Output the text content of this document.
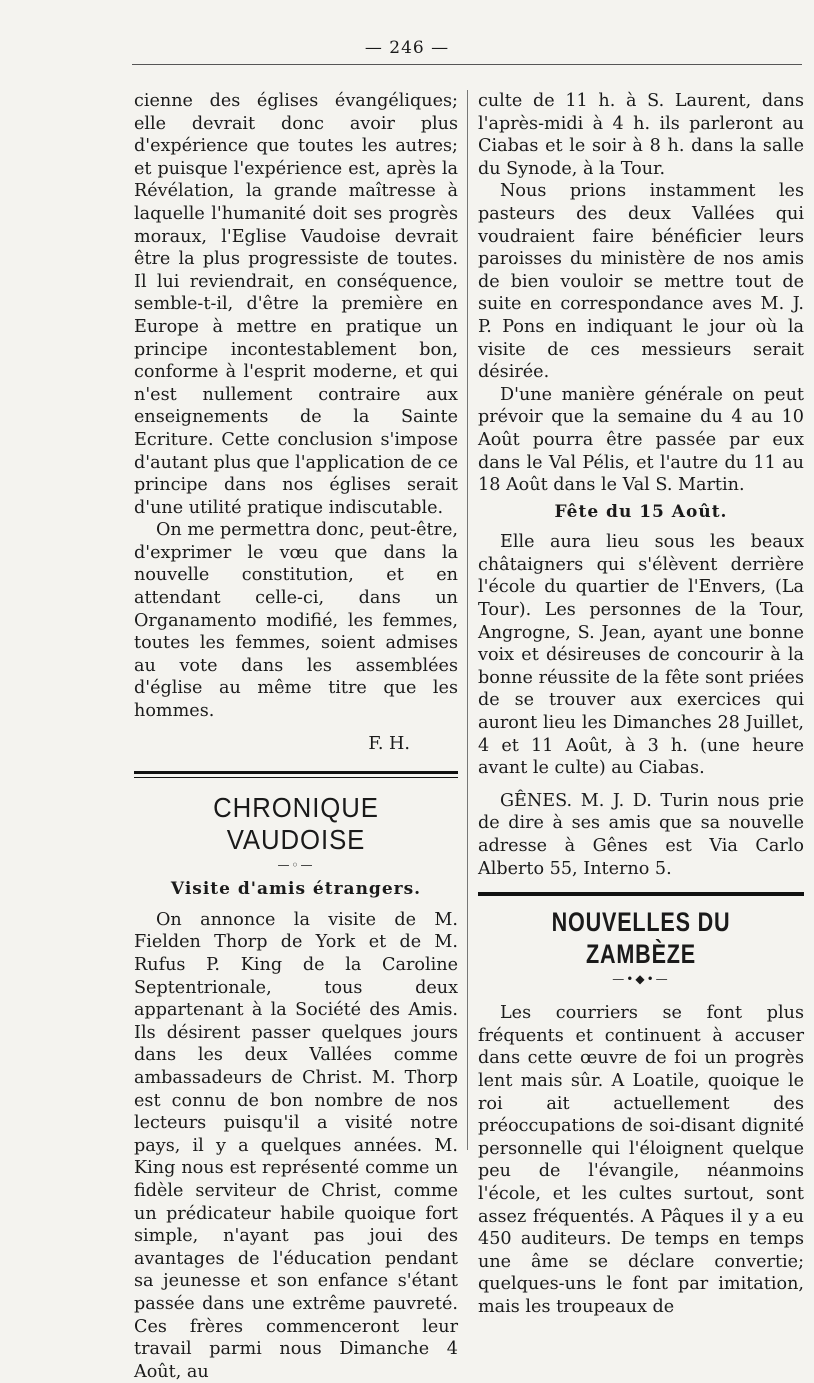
— 246 —

cienne des églises évangéliques; elle devrait donc avoir plus d'expérience que toutes les autres; et puisque l'expérience est, après la Révélation, la grande maîtresse à laquelle l'humanité doit ses progrès moraux, l'Eglise Vaudoise devrait être la plus progressiste de toutes. Il lui reviendrait, en conséquence, semble-t-il, d'être la première en Europe à mettre en pratique un principe incontestablement bon, conforme à l'esprit moderne, et qui n'est nullement contraire aux enseignements de la Sainte Ecriture. Cette conclusion s'impose d'autant plus que l'application de ce principe dans nos églises serait d'une utilité pratique indiscutable.

On me permettra donc, peut-être, d'exprimer le vœu que dans la nouvelle constitution, et en attendant celle-ci, dans un Organamento modifié, les femmes, toutes les femmes, soient admises au vote dans les assemblées d'église au même titre que les hommes.

F. H.

CHRONIQUE VAUDOISE
—◦—

Visite d'amis étrangers.

On annonce la visite de M. Fielden Thorp de York et de M. Rufus P. King de la Caroline Septentrionale, tous deux appartenant à la Société des Amis. Ils désirent passer quelques jours dans les deux Vallées comme ambassadeurs de Christ. M. Thorp est connu de bon nombre de nos lecteurs puisqu'il a visité notre pays, il y a quelques années. M. King nous est représenté comme un fidèle serviteur de Christ, comme un prédicateur habile quoique fort simple, n'ayant pas joui des avantages de l'éducation pendant sa jeunesse et son enfance s'étant passée dans une extrême pauvreté. Ces frères commenceront leur travail parmi nous Dimanche 4 Août, au

culte de 11 h. à S. Laurent, dans l'après-midi à 4 h. ils parleront au Ciabas et le soir à 8 h. dans la salle du Synode, à la Tour.

Nous prions instamment les pasteurs des deux Vallées qui voudraient faire bénéficier leurs paroisses du ministère de nos amis de bien vouloir se mettre tout de suite en correspondance aves M. J. P. Pons en indiquant le jour où la visite de ces messieurs serait désirée.

D'une manière générale on peut prévoir que la semaine du 4 au 10 Août pourra être passée par eux dans le Val Pélis, et l'autre du 11 au 18 Août dans le Val S. Martin.

Fête du 15 Août.

Elle aura lieu sous les beaux châtaigners qui s'élèvent derrière l'école du quartier de l'Envers, (La Tour). Les personnes de la Tour, Angrogne, S. Jean, ayant une bonne voix et désireuses de concourir à la bonne réussite de la fête sont priées de se trouver aux exercices qui auront lieu les Dimanches 28 Juillet, 4 et 11 Août, à 3 h. (une heure avant le culte) au Ciabas.

GÊNES. M. J. D. Turin nous prie de dire à ses amis que sa nouvelle adresse à Gênes est Via Carlo Alberto 55, Interno 5.

NOUVELLES DU ZAMBÈZE
—•◆•—

Les courriers se font plus fréquents et continuent à accuser dans cette œuvre de foi un progrès lent mais sûr. A Loatile, quoique le roi ait actuellement des préoccupations de soi-disant dignité personnelle qui l'éloignent quelque peu de l'évangile, néanmoins l'école, et les cultes surtout, sont assez fréquentés. A Pâques il y a eu 450 auditeurs. De temps en temps une âme se déclare convertie; quelques-uns le font par imitation, mais les troupeaux de
